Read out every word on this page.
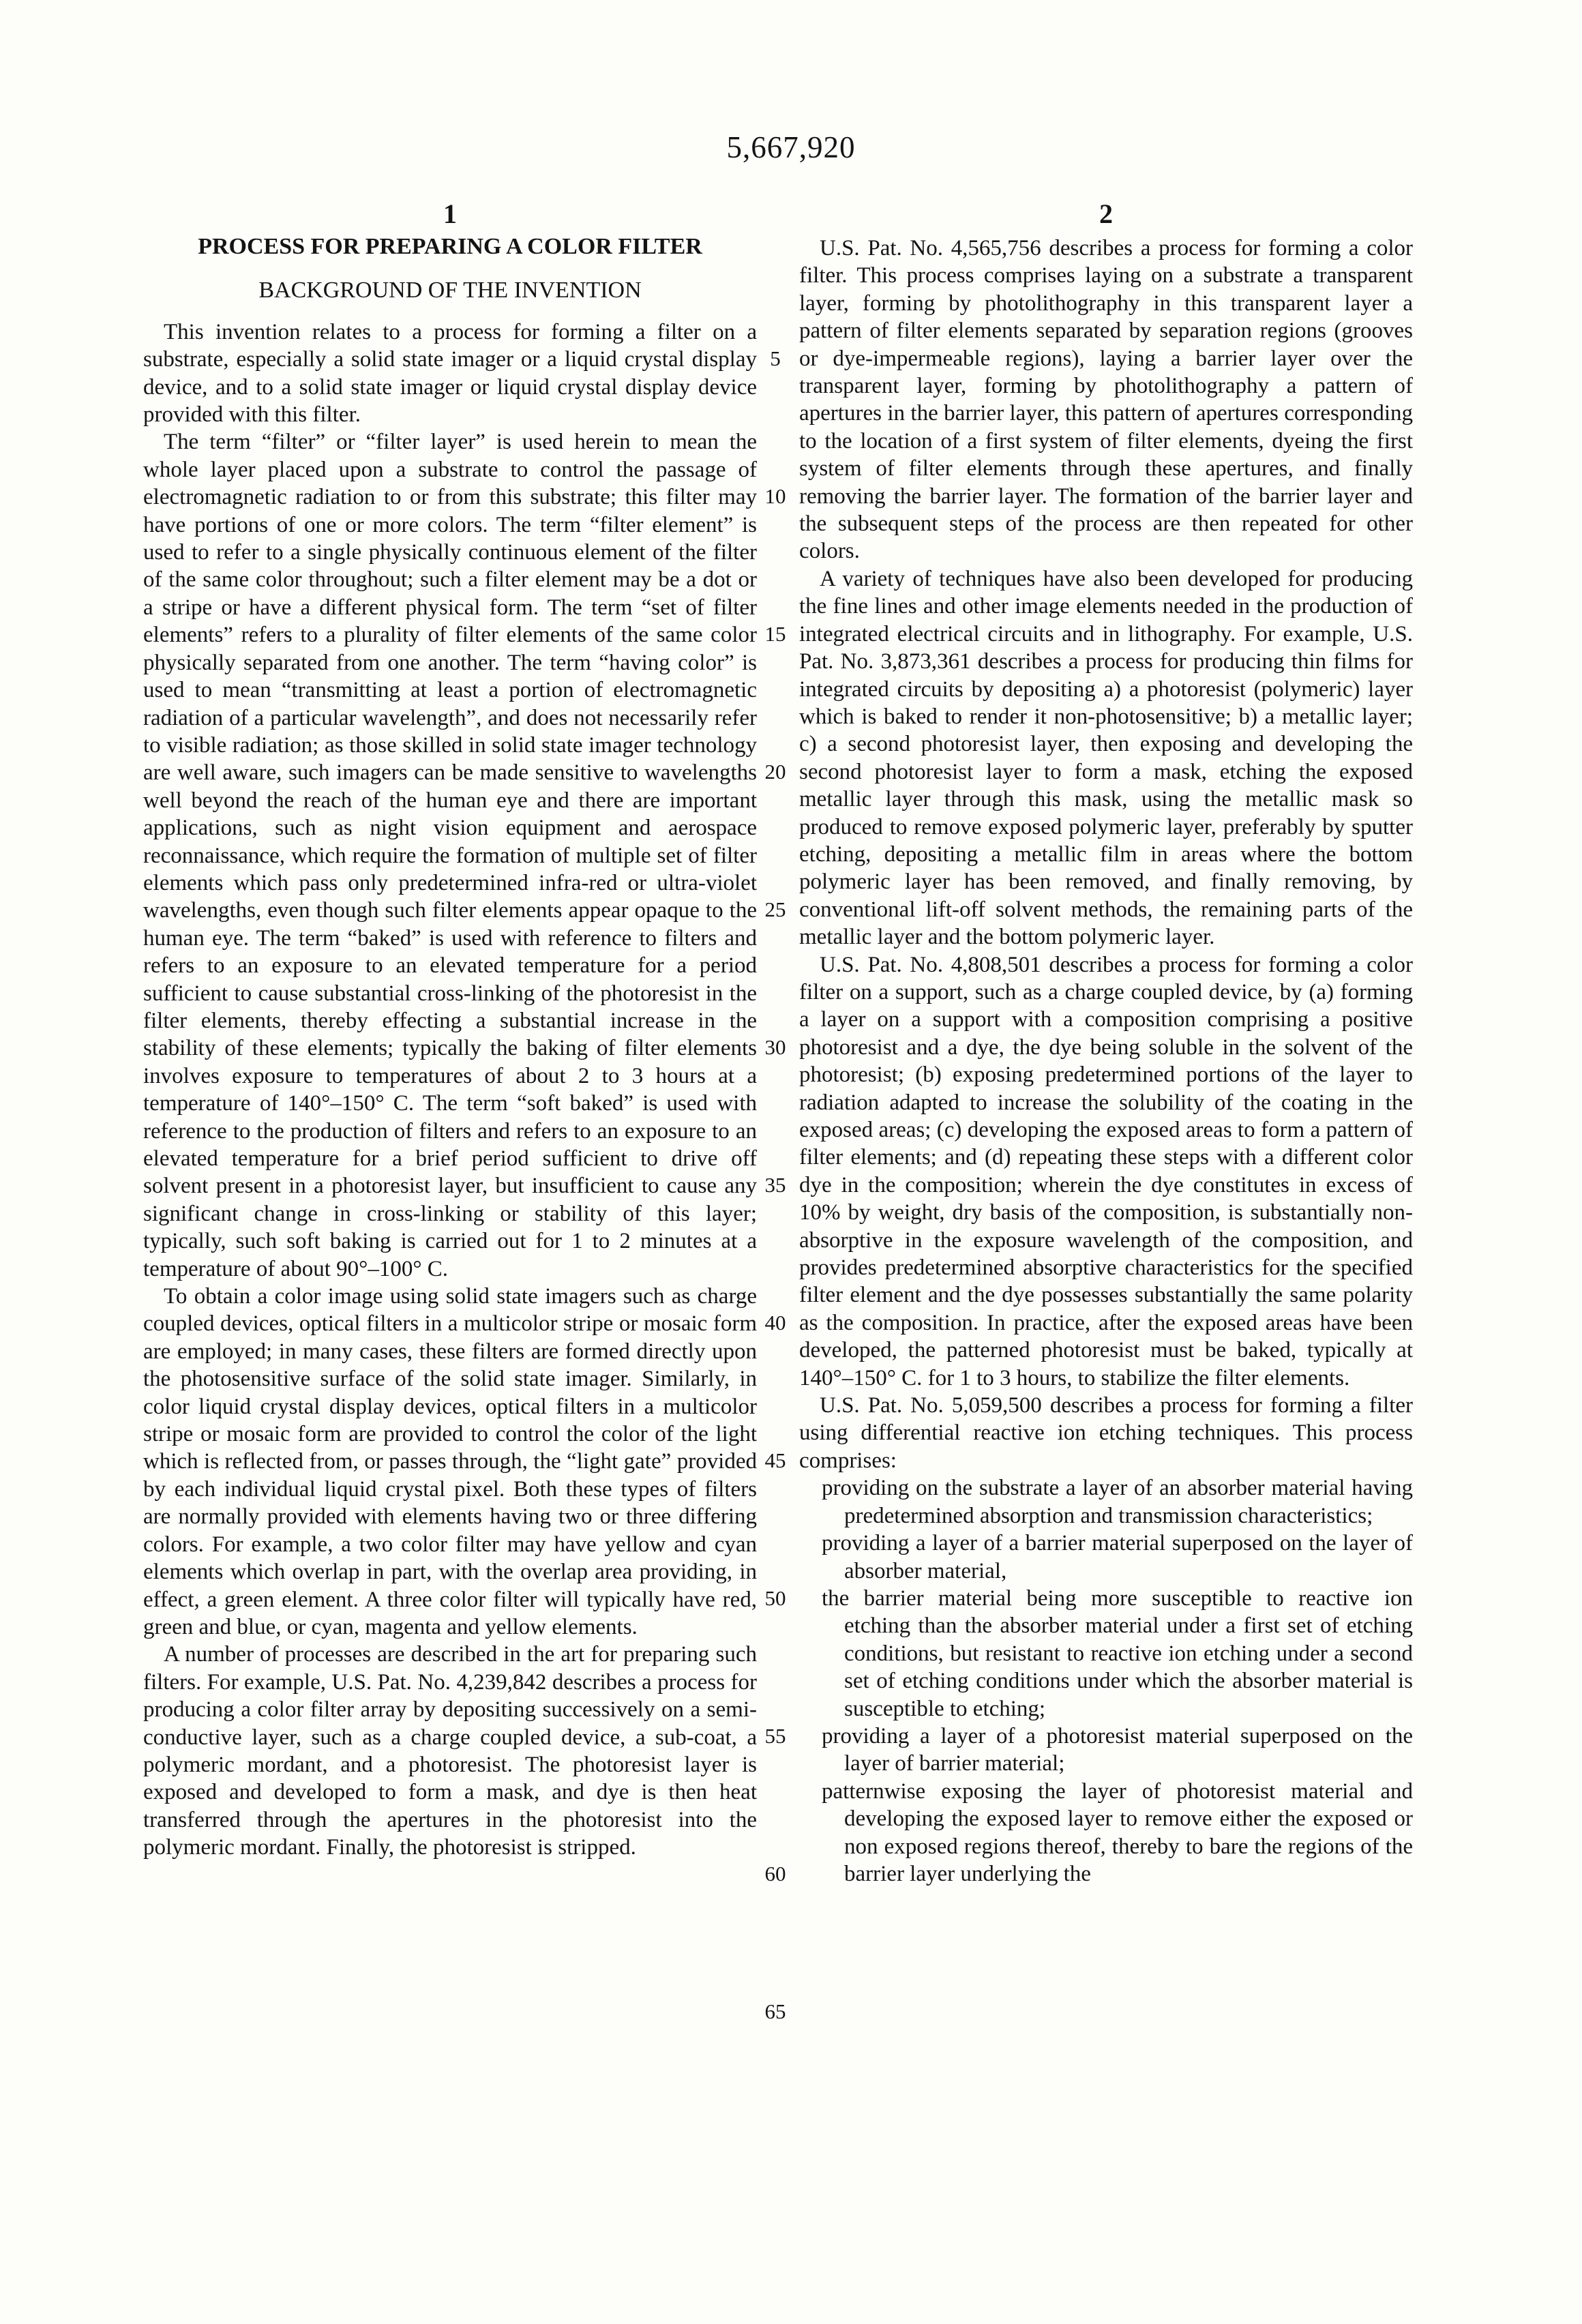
5,667,920
1
PROCESS FOR PREPARING A COLOR FILTER
BACKGROUND OF THE INVENTION

This invention relates to a process for forming a filter on a substrate, especially a solid state imager or a liquid crystal display device, and to a solid state imager or liquid crystal display device provided with this filter.

The term “filter” or “filter layer” is used herein to mean the whole layer placed upon a substrate to control the passage of electromagnetic radiation to or from this substrate; this filter may have portions of one or more colors. The term “filter element” is used to refer to a single physically continuous element of the filter of the same color throughout; such a filter element may be a dot or a stripe or have a different physical form. The term “set of filter elements” refers to a plurality of filter elements of the same color physically separated from one another. The term “having color” is used to mean “transmitting at least a portion of electromagnetic radiation of a particular wavelength”, and does not necessarily refer to visible radiation; as those skilled in solid state imager technology are well aware, such imagers can be made sensitive to wavelengths well beyond the reach of the human eye and there are important applications, such as night vision equipment and aerospace reconnaissance, which require the formation of multiple set of filter elements which pass only predetermined infra-red or ultra-violet wavelengths, even though such filter elements appear opaque to the human eye. The term “baked” is used with reference to filters and refers to an exposure to an elevated temperature for a period sufficient to cause substantial cross-linking of the photoresist in the filter elements, thereby effecting a substantial increase in the stability of these elements; typically the baking of filter elements involves exposure to temperatures of about 2 to 3 hours at a temperature of 140°–150° C. The term “soft baked” is used with reference to the production of filters and refers to an exposure to an elevated temperature for a brief period sufficient to drive off solvent present in a photoresist layer, but insufficient to cause any significant change in cross-linking or stability of this layer; typically, such soft baking is carried out for 1 to 2 minutes at a temperature of about 90°–100° C.

To obtain a color image using solid state imagers such as charge coupled devices, optical filters in a multicolor stripe or mosaic form are employed; in many cases, these filters are formed directly upon the photosensitive surface of the solid state imager. Similarly, in color liquid crystal display devices, optical filters in a multicolor stripe or mosaic form are provided to control the color of the light which is reflected from, or passes through, the “light gate” provided by each individual liquid crystal pixel. Both these types of filters are normally provided with elements having two or three differing colors. For example, a two color filter may have yellow and cyan elements which overlap in part, with the overlap area providing, in effect, a green element. A three color filter will typically have red, green and blue, or cyan, magenta and yellow elements.

A number of processes are described in the art for preparing such filters. For example, U.S. Pat. No. 4,239,842 describes a process for producing a color filter array by depositing successively on a semi-conductive layer, such as a charge coupled device, a sub-coat, a polymeric mordant, and a photoresist. The photoresist layer is exposed and developed to form a mask, and dye is then heat transferred through the apertures in the photoresist into the polymeric mordant. Finally, the photoresist is stripped.

5
10
15
20
25
30
35
40
45
50
55
60
65
2

U.S. Pat. No. 4,565,756 describes a process for forming a color filter. This process comprises laying on a substrate a transparent layer, forming by photolithography in this transparent layer a pattern of filter elements separated by separation regions (grooves or dye-impermeable regions), laying a barrier layer over the transparent layer, forming by photolithography a pattern of apertures in the barrier layer, this pattern of apertures corresponding to the location of a first system of filter elements, dyeing the first system of filter elements through these apertures, and finally removing the barrier layer. The formation of the barrier layer and the subsequent steps of the process are then repeated for other colors.

A variety of techniques have also been developed for producing the fine lines and other image elements needed in the production of integrated electrical circuits and in lithography. For example, U.S. Pat. No. 3,873,361 describes a process for producing thin films for integrated circuits by depositing a) a photoresist (polymeric) layer which is baked to render it non-photosensitive; b) a metallic layer; c) a second photoresist layer, then exposing and developing the second photoresist layer to form a mask, etching the exposed metallic layer through this mask, using the metallic mask so produced to remove exposed polymeric layer, preferably by sputter etching, depositing a metallic film in areas where the bottom polymeric layer has been removed, and finally removing, by conventional lift-off solvent methods, the remaining parts of the metallic layer and the bottom polymeric layer.

U.S. Pat. No. 4,808,501 describes a process for forming a color filter on a support, such as a charge coupled device, by (a) forming a layer on a support with a composition comprising a positive photoresist and a dye, the dye being soluble in the solvent of the photoresist; (b) exposing predetermined portions of the layer to radiation adapted to increase the solubility of the coating in the exposed areas; (c) developing the exposed areas to form a pattern of filter elements; and (d) repeating these steps with a different color dye in the composition; wherein the dye constitutes in excess of 10% by weight, dry basis of the composition, is substantially non-absorptive in the exposure wavelength of the composition, and provides predetermined absorptive characteristics for the specified filter element and the dye possesses substantially the same polarity as the composition. In practice, after the exposed areas have been developed, the patterned photoresist must be baked, typically at 140°–150° C. for 1 to 3 hours, to stabilize the filter elements.

U.S. Pat. No. 5,059,500 describes a process for forming a filter using differential reactive ion etching techniques. This process comprises:

providing on the substrate a layer of an absorber material having predetermined absorption and transmission characteristics;

providing a layer of a barrier material superposed on the layer of absorber material,

the barrier material being more susceptible to reactive ion etching than the absorber material under a first set of etching conditions, but resistant to reactive ion etching under a second set of etching conditions under which the absorber material is susceptible to etching;

providing a layer of a photoresist material superposed on the layer of barrier material;

patternwise exposing the layer of photoresist material and developing the exposed layer to remove either the exposed or non exposed regions thereof, thereby to bare the regions of the barrier layer underlying the
